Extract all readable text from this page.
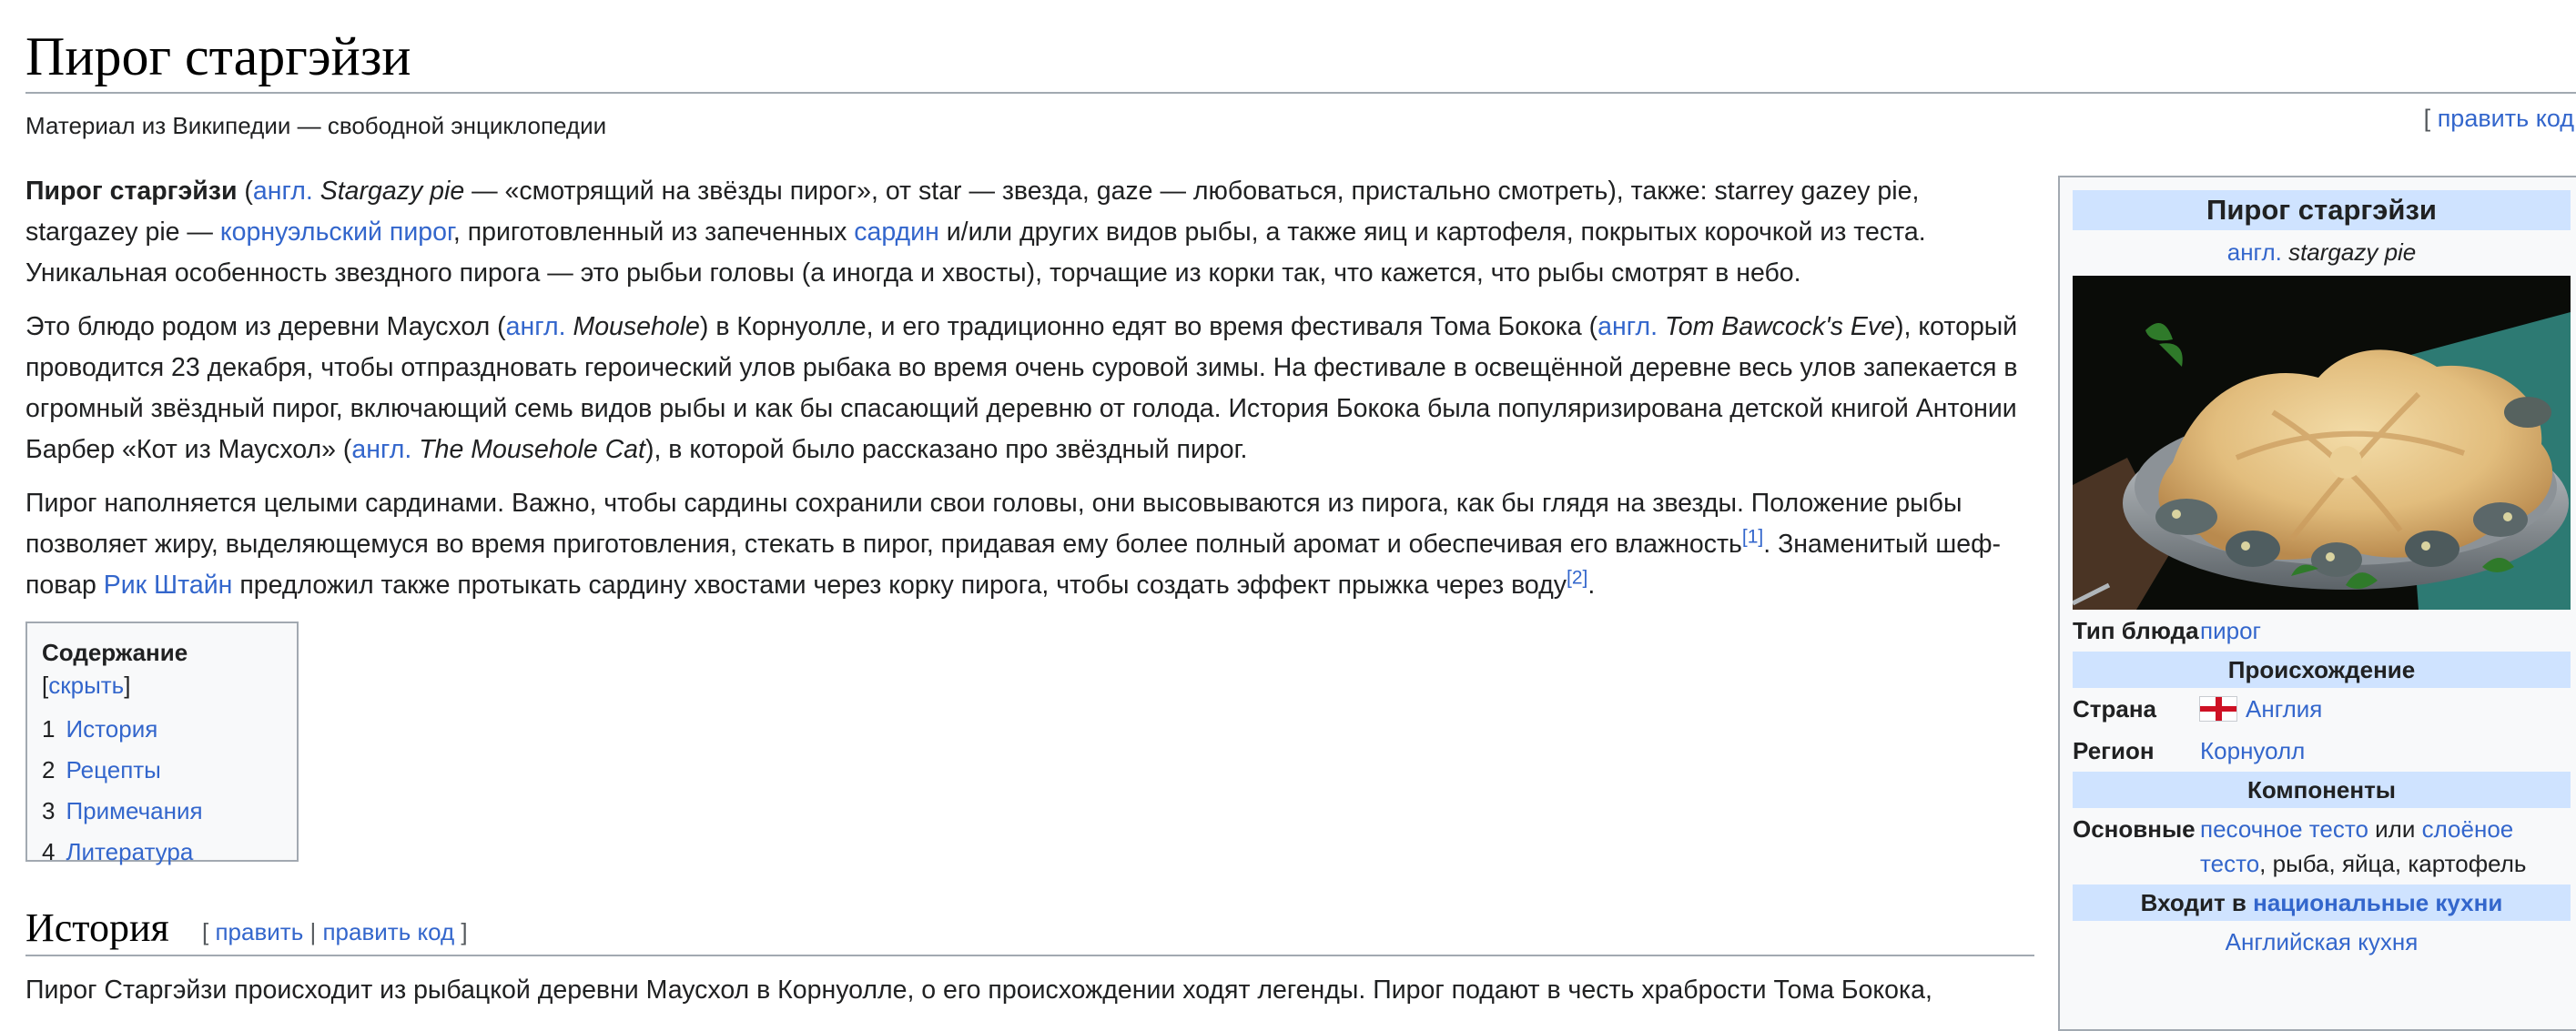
Пирог старгэйзи
Материал из Википедии — свободной энциклопедии	[ править код

Пирог старгэйзи (англ. Stargazy pie — «смотрящий на звёзды пирог», от star — звезда, gaze — любоваться, пристально смотреть), также: starrey gazey pie, stargazey pie — корнуэльский пирог, приготовленный из запеченных сардин и/или других видов рыбы, а также яиц и картофеля, покрытых корочкой из теста. Уникальная особенность звездного пирога — это рыбьи головы (а иногда и хвосты), торчащие из корки так, что кажется, что рыбы смотрят в небо.

Это блюдо родом из деревни Маусхол (англ. Mousehole) в Корнуолле, и его традиционно едят во время фестиваля Тома Бокока (англ. Tom Bawcock's Eve), который проводится 23 декабря, чтобы отпраздновать героический улов рыбака во время очень суровой зимы. На фестивале в освещённой деревне весь улов запекается в огромный звёздный пирог, включающий семь видов рыбы и как бы спасающий деревню от голода. История Бокока была популяризирована детской книгой Антонии Барбер «Кот из Маусхол» (англ. The Mousehole Cat), в которой было рассказано про звёздный пирог.

Пирог наполняется целыми сардинами. Важно, чтобы сардины сохранили свои головы, они высовываются из пирога, как бы глядя на звезды. Положение рыбы позволяет жиру, выделяющемуся во время приготовления, стекать в пирог, придавая ему более полный аромат и обеспечивая его влажность[1]. Знаменитый шеф-повар Рик Штайн предложил также протыкать сардину хвостами через корку пирога, чтобы создать эффект прыжка через воду[2].

Содержание [скрыть]
1 История
2 Рецепты
3 Примечания
4 Литература
История [ править | править код ]

Пирог Старгэйзи происходит из рыбацкой деревни Маусхол в Корнуолле, о его происхождении ходят легенды. Пирог подают в честь храбрости Тома Бокока,

Пирог старгэйзи
англ. stargazy pie
Тип блюда пирог
Происхождение
Страна	Англия
Регион	Корнуолл
Компоненты
Основные песочное тесто или слоёное тесто, рыба, яйца, картофель
Входит в национальные кухни
Английская кухня
